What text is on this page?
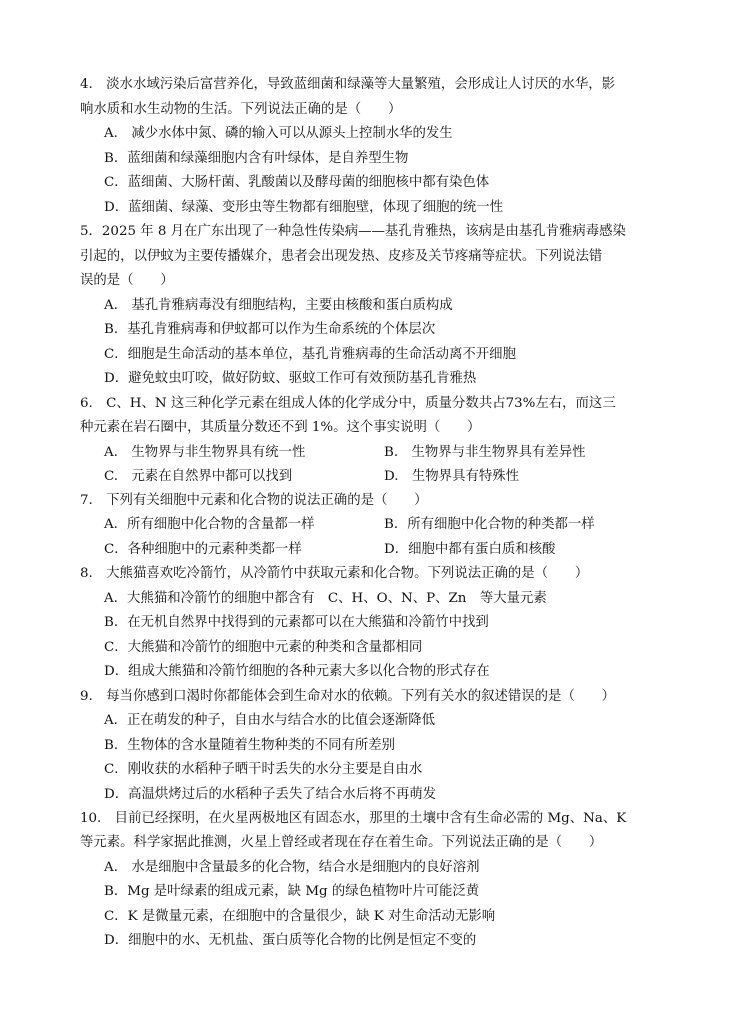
4.　淡水水域污染后富营养化，导致蓝细菌和绿藻等大量繁殖，会形成让人讨厌的水华，影
响水质和水生动物的生活。下列说法正确的是（　　）
A.　减少水体中氮、磷的输入可以从源头上控制水华的发生
B．蓝细菌和绿藻细胞内含有叶绿体，是自养型生物
C．蓝细菌、大肠杆菌、乳酸菌以及酵母菌的细胞核中都有染色体
D．蓝细菌、绿藻、变形虫等生物都有细胞壁，体现了细胞的统一性
5．2025 年 8 月在广东出现了一种急性传染病——基孔肯雅热，该病是由基孔肯雅病毒感染
引起的，以伊蚊为主要传播媒介，患者会出现发热、皮疹及关节疼痛等症状。下列说法错
误的是（　　）
A.　基孔肯雅病毒没有细胞结构，主要由核酸和蛋白质构成
B．基孔肯雅病毒和伊蚊都可以作为生命系统的个体层次
C．细胞是生命活动的基本单位，基孔肯雅病毒的生命活动离不开细胞
D．避免蚊虫叮咬，做好防蚊、驱蚊工作可有效预防基孔肯雅热
6.　C、H、N 这三种化学元素在组成人体的化学成分中，质量分数共占73%左右，而这三
种元素在岩石圈中，其质量分数还不到 1%。这个事实说明（　　）
A.　生物界与非生物界具有统一性	B.　生物界与非生物界具有差异性
C.　元素在自然界中都可以找到	D.　生物界具有特殊性
7.　下列有关细胞中元素和化合物的说法正确的是（　　）
A．所有细胞中化合物的含量都一样	B．所有细胞中化合物的种类都一样
C．各种细胞中的元素种类都一样	D．细胞中都有蛋白质和核酸
8.　大熊猫喜欢吃冷箭竹，从冷箭竹中获取元素和化合物。下列说法正确的是（　　）
A．大熊猫和冷箭竹的细胞中都含有　C、H、O、N、P、Zn　等大量元素
B．在无机自然界中找得到的元素都可以在大熊猫和冷箭竹中找到
C．大熊猫和冷箭竹的细胞中元素的种类和含量都相同
D．组成大熊猫和冷箭竹细胞的各种元素大多以化合物的形式存在
9.　每当你感到口渴时你都能体会到生命对水的依赖。下列有关水的叙述错误的是（　　）
A．正在萌发的种子，自由水与结合水的比值会逐渐降低
B．生物体的含水量随着生物种类的不同有所差别
C．刚收获的水稻种子晒干时丢失的水分主要是自由水
D．高温烘烤过后的水稻种子丢失了结合水后将不再萌发
10.　目前已经探明，在火星两极地区有固态水，那里的土壤中含有生命必需的 Mg、Na、K
等元素。科学家据此推测，火星上曾经或者现在存在着生命。下列说法正确的是（　　）
A.　水是细胞中含量最多的化合物，结合水是细胞内的良好溶剂
B．Mg 是叶绿素的组成元素，缺 Mg 的绿色植物叶片可能泛黄
C．K 是微量元素，在细胞中的含量很少，缺 K 对生命活动无影响
D．细胞中的水、无机盐、蛋白质等化合物的比例是恒定不变的
